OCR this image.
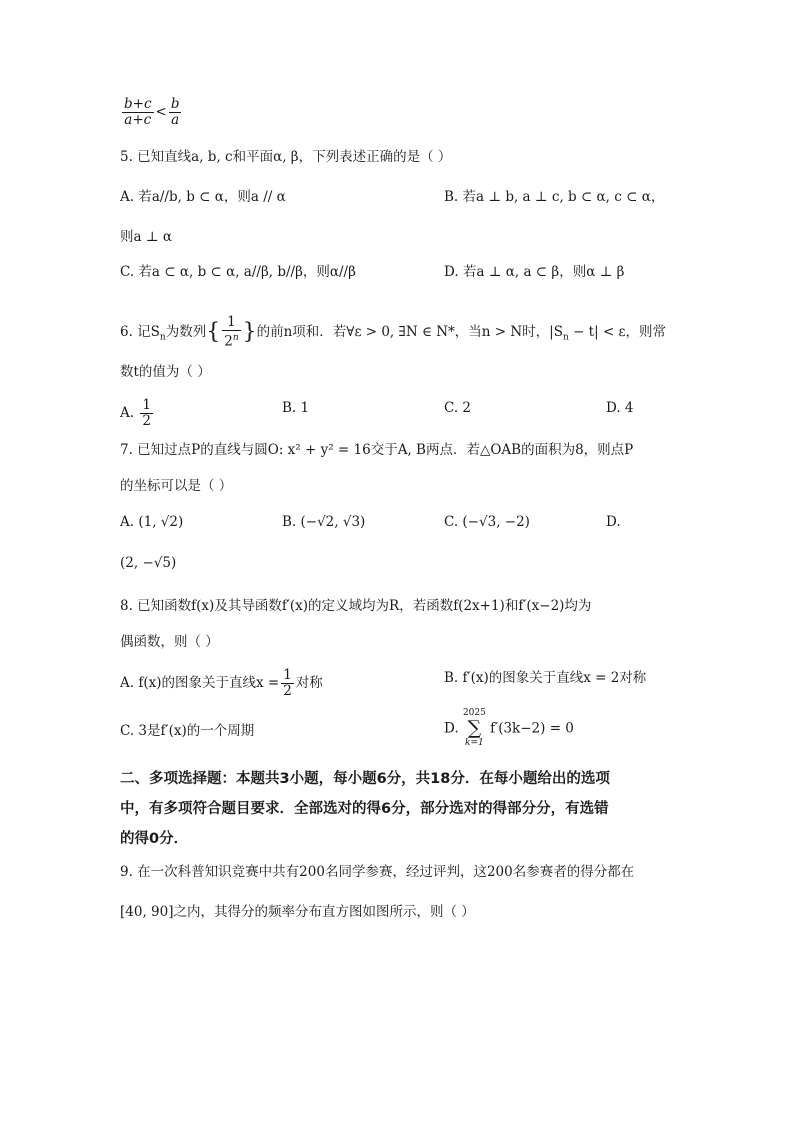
$\frac{b+c}{a+c} < \frac{b}{a}$
5. 已知直线a, b, c和平面α, β，下列表述正确的是（ ）
A. 若a//b, b ⊂ α，则a // α	B. 若a ⊥ b, a ⊥ c, b ⊂ α, c ⊂ α，
则a ⊥ α
C. 若a ⊂ α, b ⊂ α, a//β, b//β，则α//β	D. 若a ⊥ α, a ⊂ β，则α ⊥ β
6. 记$S_n$为数列{ $\frac{1}{2^n}$ }的前n项和．若∀ε > 0, ∃N ∈ N*，当n > N时，$|S_n - t| < \varepsilon$，则常
数t的值为（ ）
A. $\frac{1}{2}$	B. 1	C. 2	D. 4
7. 已知过点P的直线与圆O: x² + y² = 16交于A, B两点．若△OAB的面积为8，则点P
的坐标可以是（ ）
A. (1, √2)	B. (−√2, √3)	C. (−√3, −2)	D.
(2, −√5)
8. 已知函数f(x)及其导函数f′(x)的定义域均为R，若函数f(2x+1)和f′(x−2)均为
偶函数，则（ ）
A. f(x)的图象关于直线$x = \frac{1}{2}$ 对称	B. f′(x)的图象关于直线x = 2对称
C. 3是f′(x)的一个周期	D.
2025
∑
k=1
f′(3k−2) = 0
二、多项选择题：本题共3小题，每小题6分，共18分．在每小题给出的选项
中，有多项符合题目要求．全部选对的得6分，部分选对的得部分分，有选错
的得0分．
9. 在一次科普知识竞赛中共有200名同学参赛，经过评判，这200名参赛者的得分都在
[40, 90]之内，其得分的频率分布直方图如图所示，则（ ）
